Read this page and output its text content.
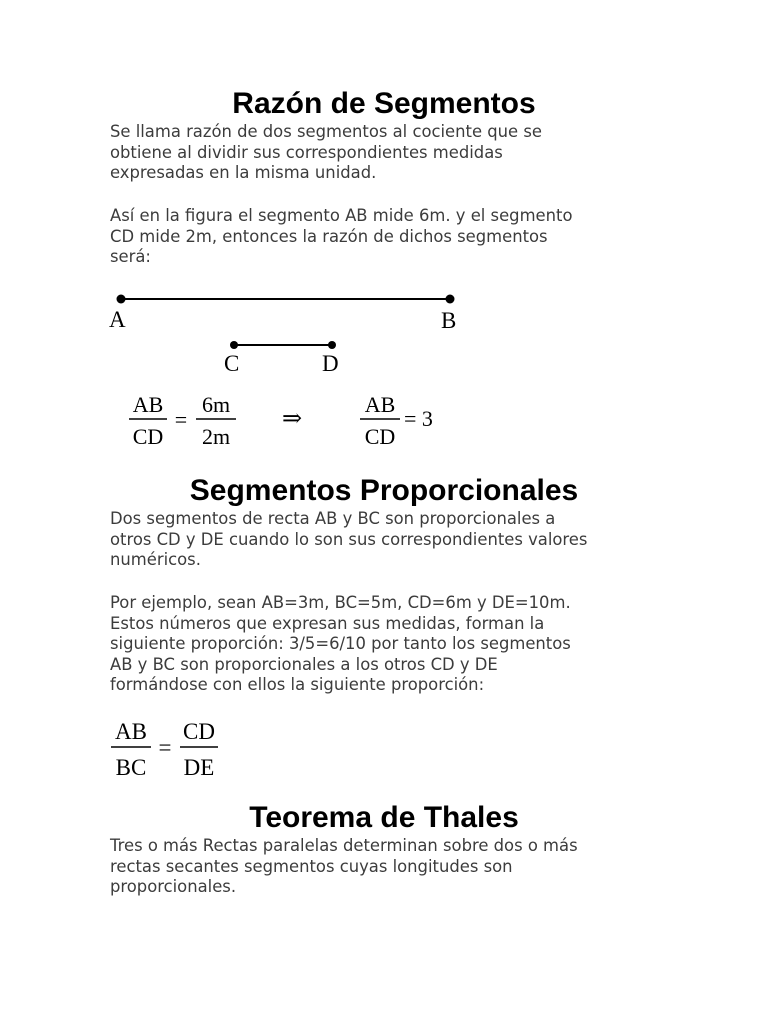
Razón de Segmentos

Se llama razón de dos segmentos al cociente que se
obtiene al dividir sus correspondientes medidas
expresadas en la misma unidad.

Así en la figura el segmento AB mide 6m. y el segmento
CD mide 2m, entonces la razón de dichos segmentos
será:

A	B
C	D
AB
CD
=
6m
2m
⇒
AB
CD
= 3
Segmentos Proporcionales

Dos segmentos de recta AB y BC son proporcionales a
otros CD y DE cuando lo son sus correspondientes valores
numéricos.

Por ejemplo, sean AB=3m, BC=5m, CD=6m y DE=10m.
Estos números que expresan sus medidas, forman la
siguiente proporción: 3/5=6/10 por tanto los segmentos
AB y BC son proporcionales a los otros CD y DE
formándose con ellos la siguiente proporción:

AB
BC
=
CD
DE
Teorema de Thales

Tres o más Rectas paralelas determinan sobre dos o más
rectas secantes segmentos cuyas longitudes son
proporcionales.
